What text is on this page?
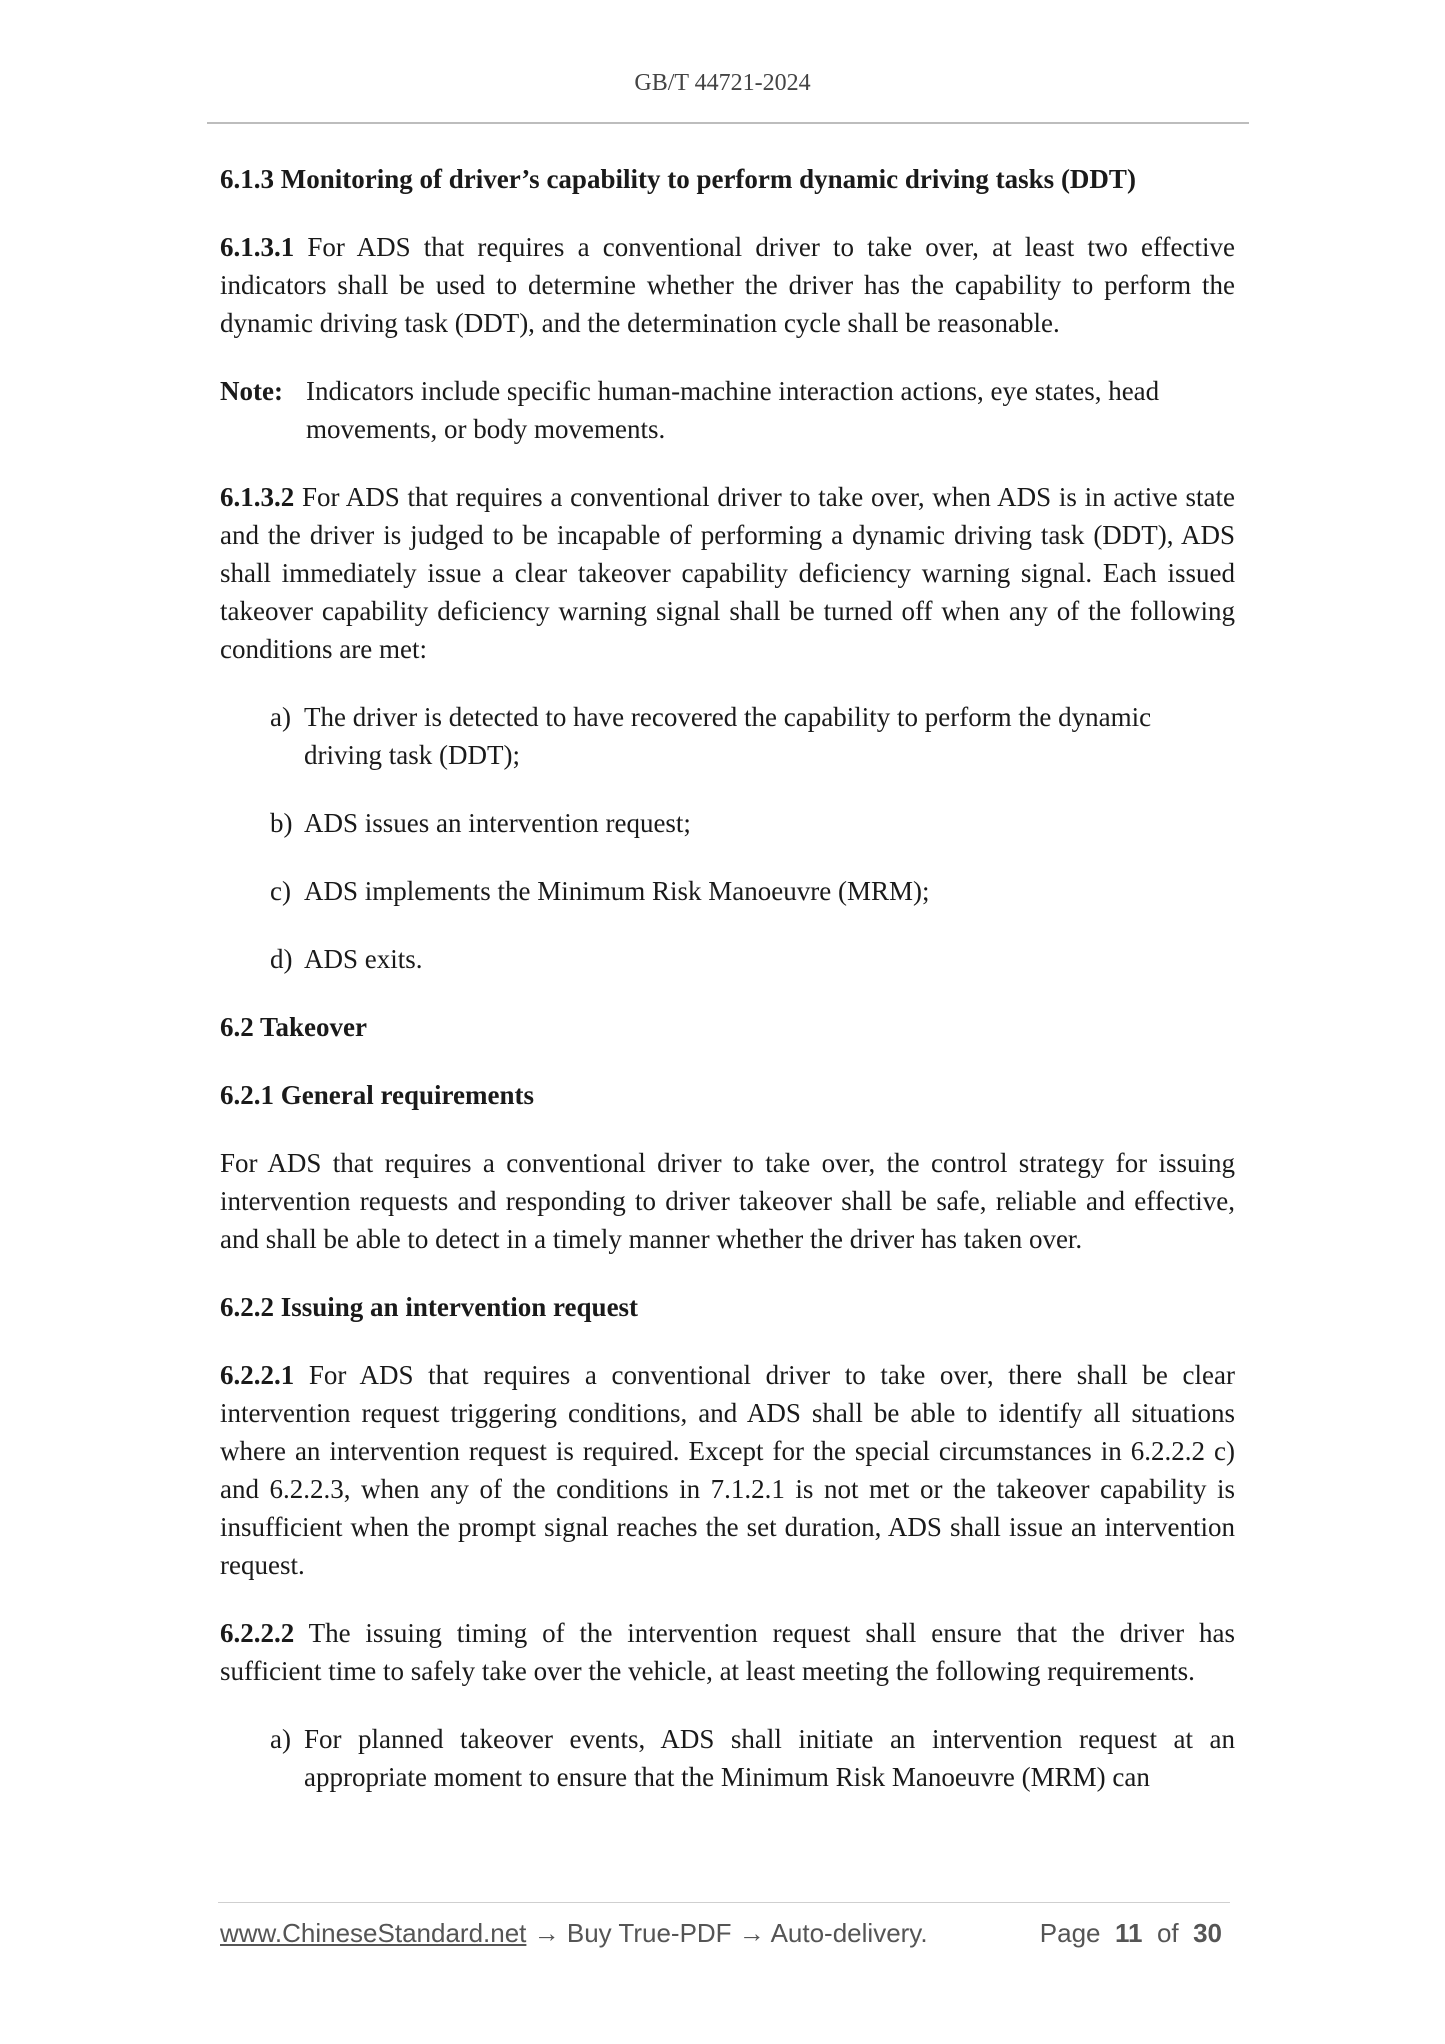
GB/T 44721-2024

6.1.3 Monitoring of driver’s capability to perform dynamic driving tasks (DDT)

6.1.3.1 For ADS that requires a conventional driver to take over, at least two effective indicators shall be used to determine whether the driver has the capability to perform the dynamic driving task (DDT), and the determination cycle shall be reasonable.

Note: Indicators include specific human-machine interaction actions, eye states, head movements, or body movements.

6.1.3.2 For ADS that requires a conventional driver to take over, when ADS is in active state and the driver is judged to be incapable of performing a dynamic driving task (DDT), ADS shall immediately issue a clear takeover capability deficiency warning signal. Each issued takeover capability deficiency warning signal shall be turned off when any of the following conditions are met:

a) The driver is detected to have recovered the capability to perform the dynamic driving task (DDT);
b) ADS issues an intervention request;
c) ADS implements the Minimum Risk Manoeuvre (MRM);
d) ADS exits.

6.2 Takeover

6.2.1 General requirements

For ADS that requires a conventional driver to take over, the control strategy for issuing intervention requests and responding to driver takeover shall be safe, reliable and effective, and shall be able to detect in a timely manner whether the driver has taken over.

6.2.2 Issuing an intervention request

6.2.2.1 For ADS that requires a conventional driver to take over, there shall be clear intervention request triggering conditions, and ADS shall be able to identify all situations where an intervention request is required. Except for the special circumstances in 6.2.2.2 c) and 6.2.2.3, when any of the conditions in 7.1.2.1 is not met or the takeover capability is insufficient when the prompt signal reaches the set duration, ADS shall issue an intervention request.

6.2.2.2 The issuing timing of the intervention request shall ensure that the driver has sufficient time to safely take over the vehicle, at least meeting the following requirements.

a) For planned takeover events, ADS shall initiate an intervention request at an appropriate moment to ensure that the Minimum Risk Manoeuvre (MRM) can
www.ChineseStandard.net → Buy True-PDF → Auto-delivery.	Page 11 of 30
